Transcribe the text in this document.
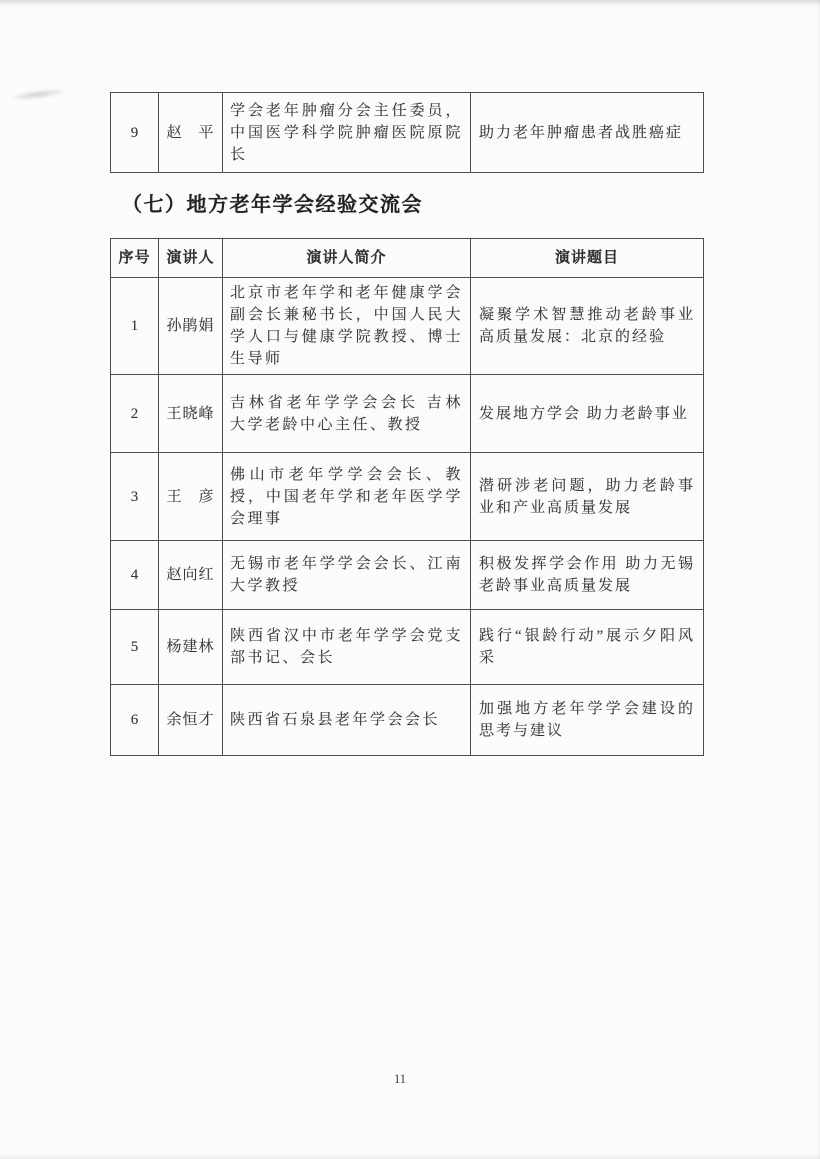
9	赵　平	学会老年肿瘤分会主任委员，中国医学科学院肿瘤医院原院长	助力老年肿瘤患者战胜癌症
（七）地方老年学会经验交流会
序号	演讲人	演讲人简介	演讲题目
1	孙鹃娟	北京市老年学和老年健康学会副会长兼秘书长，中国人民大学人口与健康学院教授、博士生导师	凝聚学术智慧推动老龄事业高质量发展：北京的经验
2	王晓峰	吉林省老年学学会会长 吉林大学老龄中心主任、教授	发展地方学会 助力老龄事业
3	王　彦	佛山市老年学学会会长、教授，中国老年学和老年医学学会理事	潜研涉老问题，助力老龄事业和产业高质量发展
4	赵向红	无锡市老年学学会会长、江南大学教授	积极发挥学会作用 助力无锡老龄事业高质量发展
5	杨建林	陕西省汉中市老年学学会党支部书记、会长	践行“银龄行动”展示夕阳风采
6	余恒才	陕西省石泉县老年学会会长	加强地方老年学学会建设的思考与建议
11
